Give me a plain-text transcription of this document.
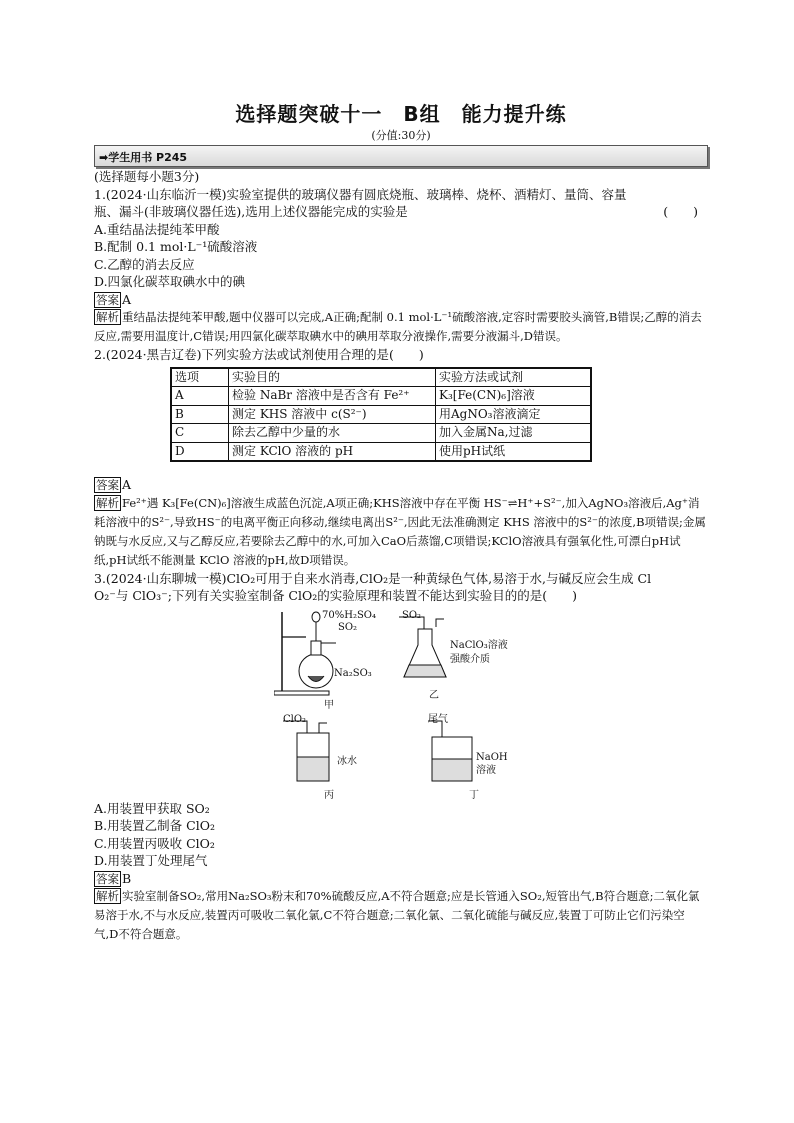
选择题突破十一　B组　能力提升练
(分值:30分)
➡学生用书 P245

(选择题每小题3分)

1.(2024·山东临沂一模)实验室提供的玻璃仪器有圆底烧瓶、玻璃棒、烧杯、酒精灯、量筒、容量

瓶、漏斗(非玻璃仪器任选),选用上述仪器能完成的实验是	(　　)

A.重结晶法提纯苯甲酸

B.配制 0.1 mol·L⁻¹硫酸溶液

C.乙醇的消去反应

D.四氯化碳萃取碘水中的碘

答案 A

解析 重结晶法提纯苯甲酸,题中仪器可以完成,A正确;配制 0.1 mol·L⁻¹硫酸溶液,定容时需要胶头滴管,B错误;乙醇的消去反应,需要用温度计,C错误;用四氯化碳萃取碘水中的碘用萃取分液操作,需要分液漏斗,D错误。

2.(2024·黑吉辽卷)下列实验方法或试剂使用合理的是(　　)

选项	实验目的	实验方法或试剂
A	检验 NaBr 溶液中是否含有 Fe²⁺	K₃[Fe(CN)₆]溶液
B	测定 KHS 溶液中 c(S²⁻)	用AgNO₃溶液滴定
C	除去乙醇中少量的水	加入金属Na,过滤
D	测定 KClO 溶液的 pH	使用pH试纸

答案 A

解析 Fe²⁺遇 K₃[Fe(CN)₆]溶液生成蓝色沉淀,A项正确;KHS溶液中存在平衡 HS⁻⇌H⁺+S²⁻,加入AgNO₃溶液后,Ag⁺消耗溶液中的S²⁻,导致HS⁻的电离平衡正向移动,继续电离出S²⁻,因此无法准确测定 KHS 溶液中的S²⁻的浓度,B项错误;金属钠既与水反应,又与乙醇反应,若要除去乙醇中的水,可加入CaO后蒸馏,C项错误;KClO溶液具有强氧化性,可漂白pH试纸,pH试纸不能测量 KClO 溶液的pH,故D项错误。

3.(2024·山东聊城一模)ClO₂可用于自来水消毒,ClO₂是一种黄绿色气体,易溶于水,与碱反应会生成 Cl

O₂⁻与 ClO₃⁻;下列有关实验室制备 ClO₂的实验原理和装置不能达到实验目的的是(　　)

70%H₂SO₄
SO₂
Na₂SO₃
甲
SO₂
NaClO₃溶液
强酸介质
乙
ClO₂
冰水
丙
尾气
NaOH
溶液
丁

A.用装置甲获取 SO₂

B.用装置乙制备 ClO₂

C.用装置丙吸收 ClO₂

D.用装置丁处理尾气

答案 B

解析 实验室制备SO₂,常用Na₂SO₃粉末和70%硫酸反应,A不符合题意;应是长管通入SO₂,短管出气,B符合题意;二氧化氯易溶于水,不与水反应,装置丙可吸收二氧化氯,C不符合题意;二氧化氯、二氧化硫能与碱反应,装置丁可防止它们污染空气,D不符合题意。
